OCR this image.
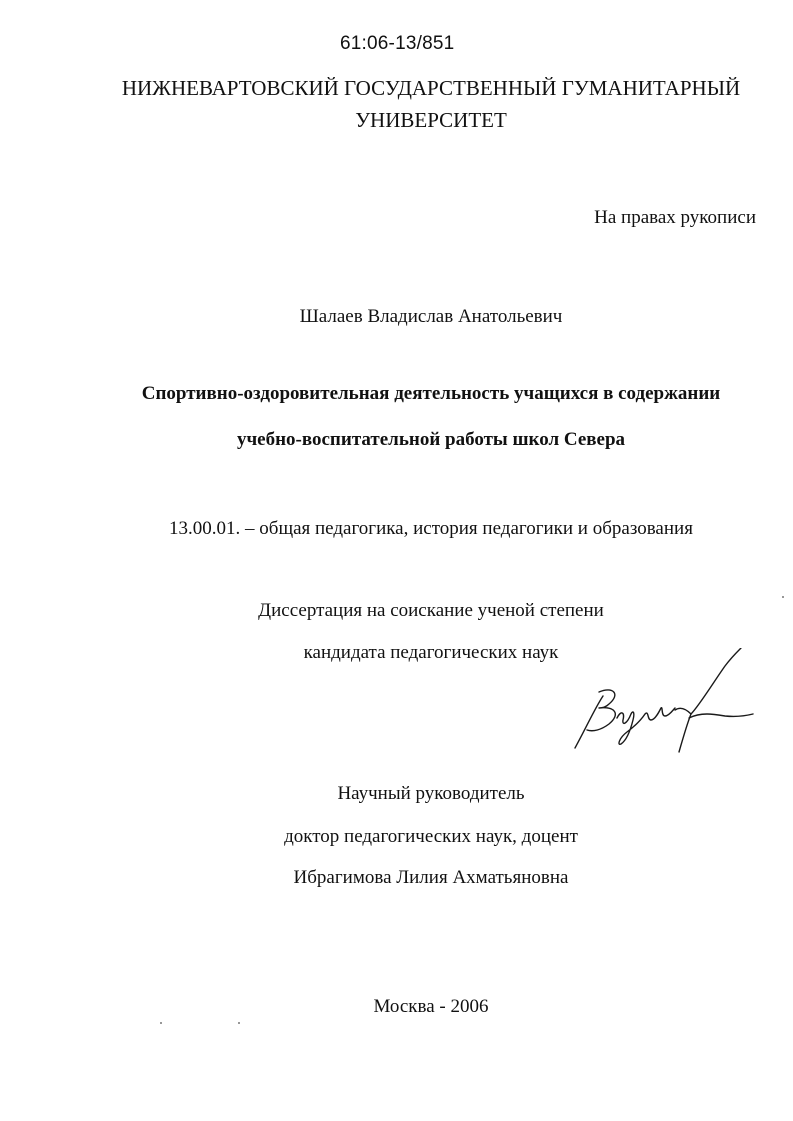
61:06-13/851
НИЖНЕВАРТОВСКИЙ ГОСУДАРСТВЕННЫЙ ГУМАНИТАРНЫЙ
УНИВЕРСИТЕТ
На правах рукописи
Шалаев Владислав Анатольевич
Спортивно-оздоровительная деятельность учащихся в содержании
учебно-воспитательной работы школ Севера
13.00.01. – общая педагогика, история педагогики и образования
Диссертация на соискание ученой степени
кандидата педагогических наук
Научный руководитель
доктор педагогических наук, доцент
Ибрагимова Лилия Ахматьяновна
Москва - 2006
